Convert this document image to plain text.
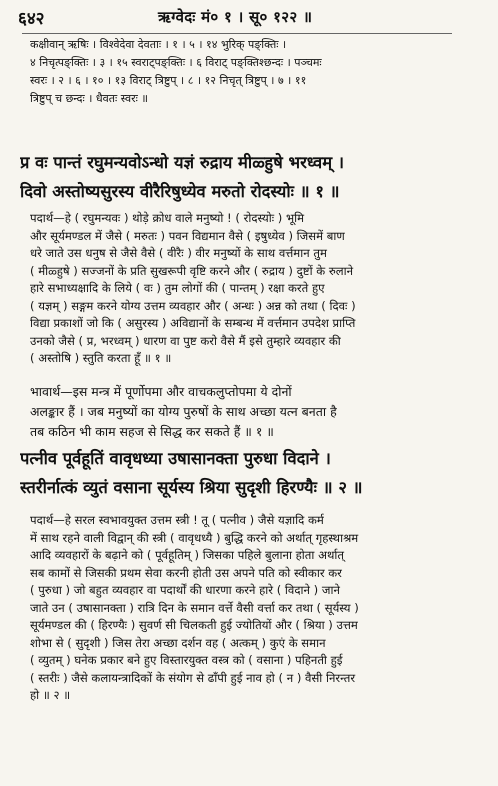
६४२	ऋग्वेदः मं० १ । सू० १२२ ॥
कक्षीवान् ऋषिः । विश्वेदेवा देवताः । १ । ५ । १४ भुरिक् पङ्क्तिः ।
४ निचृत्पङ्क्तिः । ३ । १५ स्वराट्पङ्क्तिः । ६ विराट् पङ्क्तिश्छन्दः । पञ्चमः
स्वरः । २ । ६ । १० । १३ विराट् त्रिष्टुप् । ८ । १२ निचृत् त्रिष्टुप् । ७ । ११
त्रिष्टुप् च छन्दः । धैवतः स्वरः ॥
प्र वः पान्तं रघुमन्यवोऽन्धो यज्ञं रुद्राय मीळ्हुषे भरध्वम् ।
दिवो अस्तोष्यसुरस्य वीरैरिषुध्येव मरुतो रोदस्योः ॥ १ ॥
पदार्थ—हे ( रघुमन्यवः ) थोड़े क्रोध वाले मनुष्यो ! ( रोदस्योः ) भूमि
और सूर्यमण्डल में जैसे ( मरुतः ) पवन विद्यमान वैसे ( इषुध्येव ) जिसमें बाण
धरे जाते उस धनुष से जैसे वैसे ( वीरैः ) वीर मनुष्यों के साथ वर्त्तमान तुम
( मीळ्हुषे ) सज्जनों के प्रति सुखरूपी वृष्टि करने और ( रुद्राय ) दुष्टों के रुलाने
हारे सभाध्यक्षादि के लिये ( वः ) तुम लोगों की ( पान्तम् ) रक्षा करते हुए
( यज्ञम् ) सङ्गम करने योग्य उत्तम व्यवहार और ( अन्धः ) अन्न को तथा ( दिवः )
विद्या प्रकाशों जो कि ( असुरस्य ) अविद्यानों के सम्बन्ध में वर्त्तमान उपदेश प्राप्ति
उनको जैसे ( प्र, भरध्वम् ) धारण वा पुष्ट करो वैसे मैं इसे तुम्हारे व्यवहार की
( अस्तोषि ) स्तुति करता हूँ ॥ १ ॥
भावार्थ—इस मन्त्र में पूर्णोपमा और वाचकलुप्तोपमा ये दोनों
अलङ्कार हैं । जब मनुष्यों का योग्य पुरुषों के साथ अच्छा यत्न बनता है
तब कठिन भी काम सहज से सिद्ध कर सकते हैं ॥ १ ॥
पत्नीव पूर्वहूतिं वावृधध्या उषासानक्ता पुरुधा विदाने ।
स्तरीर्नात्कं व्युतं वसाना सूर्यस्य श्रिया सुदृशी हिरण्यैः ॥ २ ॥
पदार्थ—हे सरल स्वभावयुक्त उत्तम स्त्री ! तू ( पत्नीव ) जैसे यज्ञादि कर्म
में साथ रहने वाली विद्वान् की स्त्री ( वावृधध्यै ) बुद्धि करने को अर्थात् गृहस्थाश्रम
आदि व्यवहारों के बढ़ाने को ( पूर्वहूतिम् ) जिसका पहिले बुलाना होता अर्थात्
सब कामों से जिसकी प्रथम सेवा करनी होती उस अपने पति को स्वीकार कर
( पुरुधा ) जो बहुत व्यवहार वा पदार्थों की धारणा करने हारे ( विदाने ) जाने
जाते उन ( उषासानक्ता ) रात्रि दिन के समान वर्त्ते वैसी वर्त्ता कर तथा ( सूर्यस्य )
सूर्यमण्डल की ( हिरण्यैः ) सुवर्ण सी चिलकती हुई ज्योतियों और ( श्रिया ) उत्तम
शोभा से ( सुदृशी ) जिस तेरा अच्छा दर्शन वह ( अत्कम् ) कुएं के समान
( व्युतम् ) घनेक प्रकार बने हुए विस्तारयुक्त वस्त्र को ( वसाना ) पहिनती हुई
( स्तरीः ) जैसे कलायन्त्रादिकों के संयोग से ढाँपी हुई नाव हो ( न ) वैसी निरन्तर
हो ॥ २ ॥
